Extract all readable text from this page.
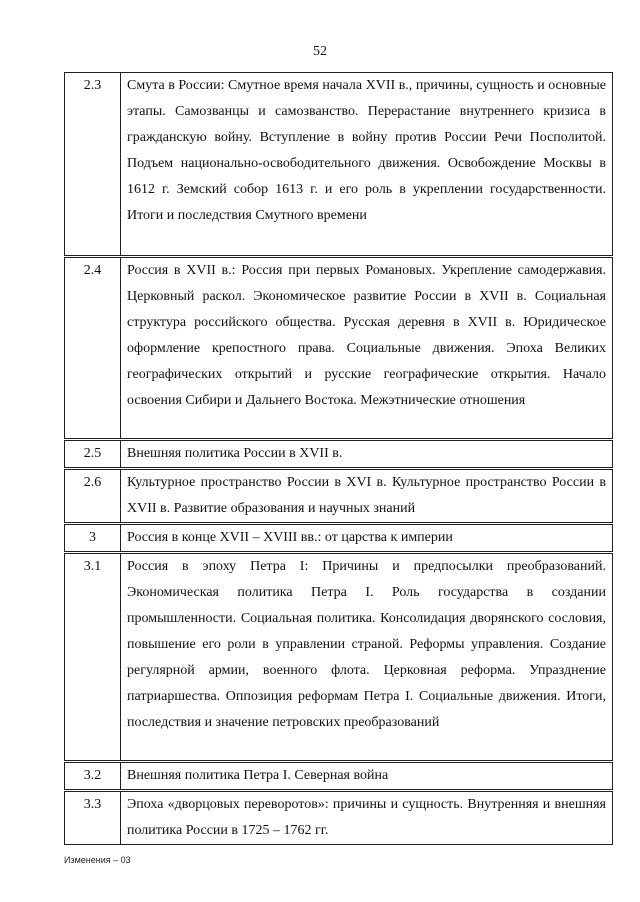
52
2.3	Смута в России: Смутное время начала XVII в., причины, сущность и основные этапы. Самозванцы и самозванство. Перерастание внутреннего кризиса в гражданскую войну. Вступление в войну против России Речи Посполитой. Подъем национально-освободительного движения. Освобождение Москвы в 1612 г. Земский собор 1613 г. и его роль в укреплении государственности. Итоги и последствия Смутного времени
2.4	Россия в XVII в.: Россия при первых Романовых. Укрепление самодержавия. Церковный раскол. Экономическое развитие России в XVII в. Социальная структура российского общества. Русская деревня в XVII в. Юридическое оформление крепостного права. Социальные движения. Эпоха Великих географических открытий и русские географические открытия. Начало освоения Сибири и Дальнего Востока. Межэтнические отношения
2.5	Внешняя политика России в XVII в.
2.6	Культурное пространство России в XVI в. Культурное пространство России в XVII в. Развитие образования и научных знаний
3	Россия в конце XVII – XVIII вв.: от царства к империи
3.1	Россия в эпоху Петра I: Причины и предпосылки преобразований. Экономическая политика Петра I. Роль государства в создании промышленности. Социальная политика. Консолидация дворянского сословия, повышение его роли в управлении страной. Реформы управления. Создание регулярной армии, военного флота. Церковная реформа. Упразднение патриаршества. Оппозиция реформам Петра I. Социальные движения. Итоги, последствия и значение петровских преобразований
3.2	Внешняя политика Петра I. Северная война
3.3	Эпоха «дворцовых переворотов»: причины и сущность. Внутренняя и внешняя политика России в 1725 – 1762 гг.
Изменения – 03
